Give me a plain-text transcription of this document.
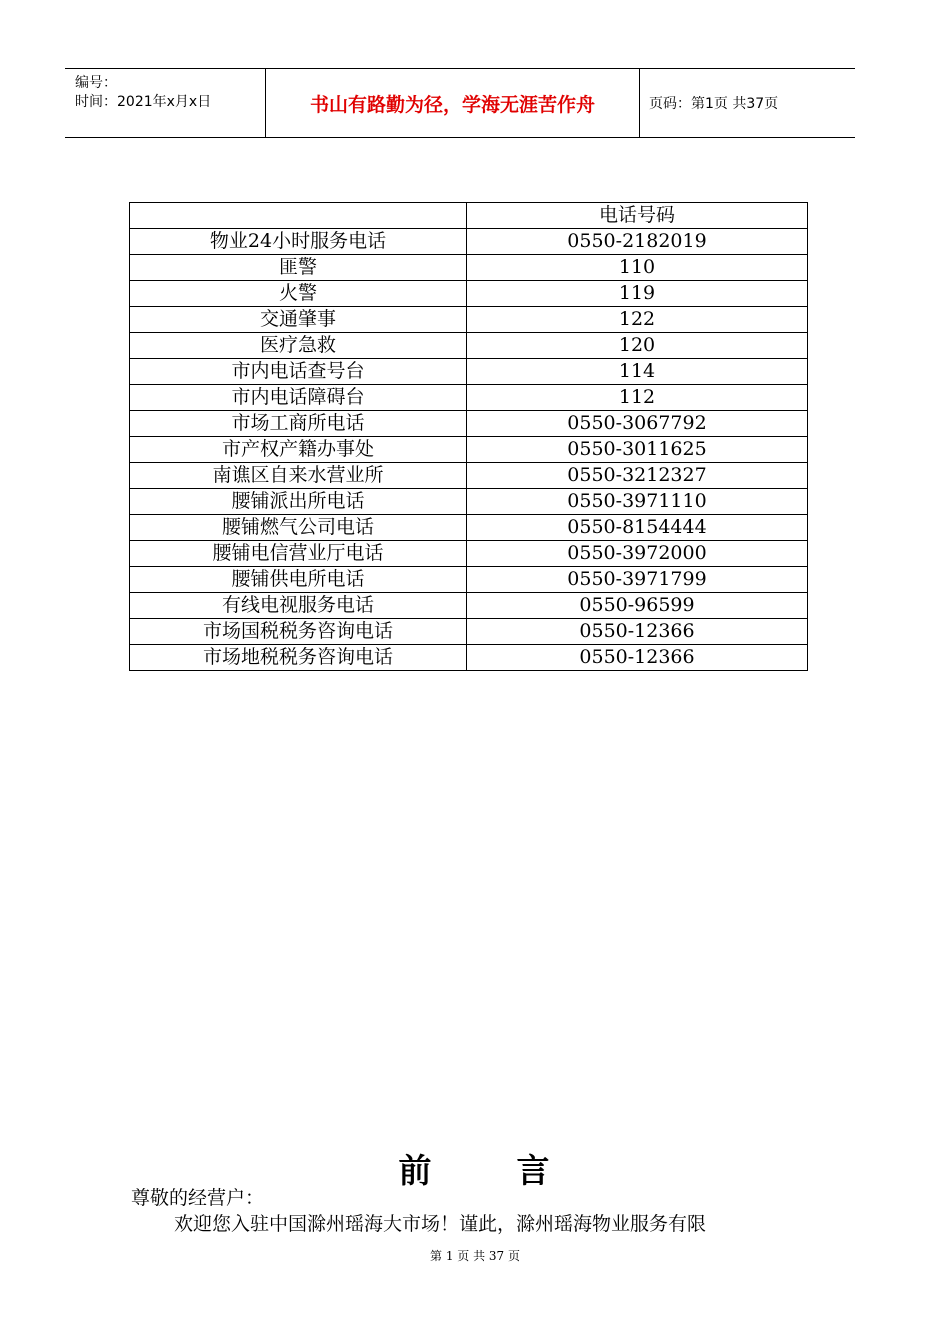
编号：
时间：2021年x月x日	书山有路勤为径，学海无涯苦作舟	页码：第1页 共37页
	电话号码
物业24小时服务电话	0550-2182019
匪警	110
火警	119
交通肇事	122
医疗急救	120
市内电话查号台	114
市内电话障碍台	112
市场工商所电话	0550-3067792
市产权产籍办事处	0550-3011625
南谯区自来水营业所	0550-3212327
腰铺派出所电话	0550-3971110
腰铺燃气公司电话	0550-8154444
腰铺电信营业厅电话	0550-3972000
腰铺供电所电话	0550-3971799
有线电视服务电话	0550-96599
市场国税税务咨询电话	0550-12366
市场地税税务咨询电话	0550-12366
前	言
尊敬的经营户：
欢迎您入驻中国滁州瑶海大市场！谨此，滁州瑶海物业服务有限
第 1 页 共 37 页
